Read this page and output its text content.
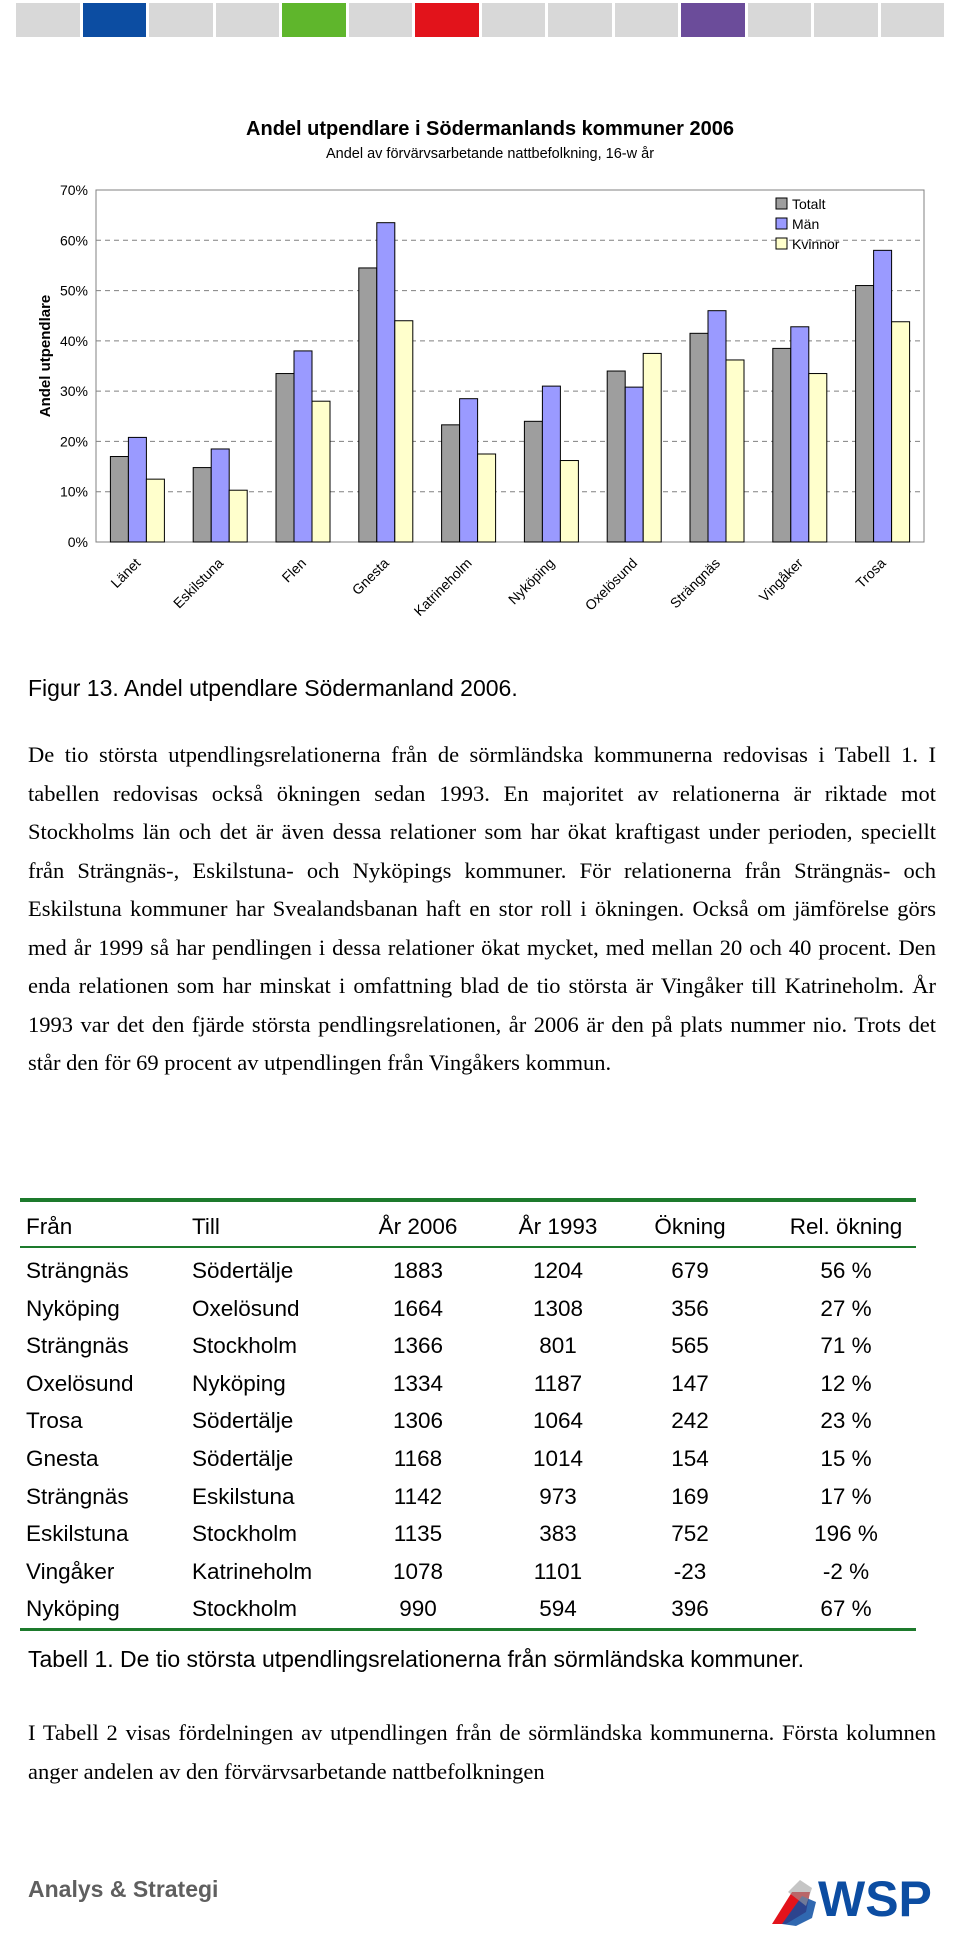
Andel utpendlare i Södermanlands kommuner 2006
Andel av förvärvsarbetande nattbefolkning, 16-w år
Andel utpendlare
0%
10%
20%
30%
40%
50%
60%
70%
Länet Eskilstuna	Flen	Gnesta Katrineholm Nyköping Oxelösund Strängnäs Vingåker	Trosa
Totalt
Män
Kvinnor
Figur 13. Andel utpendlare Södermanland 2006.
De tio största utpendlingsrelationerna från de sörmländska kommunerna redovisas i Tabell 1. I tabellen redovisas också ökningen sedan 1993. En majoritet av relationerna är riktade mot Stockholms län och det är även dessa relationer som har ökat kraftigast under perioden, speciellt från Strängnäs-, Eskilstuna- och Nyköpings kommuner. För relationerna från Strängnäs- och Eskilstuna kommuner har Svealandsbanan haft en stor roll i ökningen. Också om jämförelse görs med år 1999 så har pendlingen i dessa relationer ökat mycket, med mellan 20 och 40 procent. Den enda relationen som har minskat i omfattning blad de tio största är Vingåker till Katrineholm. År 1993 var det den fjärde största pendlingsrelationen, år 2006 är den på plats nummer nio. Trots det står den för 69 procent av utpendlingen från Vingåkers kommun.
Från	Till	År 2006	År 1993	Ökning	Rel. ökning
Strängnäs	Södertälje	1883	1204	679	56 %
Nyköping	Oxelösund	1664	1308	356	27 %
Strängnäs	Stockholm	1366	801	565	71 %
Oxelösund	Nyköping	1334	1187	147	12 %
Trosa	Södertälje	1306	1064	242	23 %
Gnesta	Södertälje	1168	1014	154	15 %
Strängnäs	Eskilstuna	1142	973	169	17 %
Eskilstuna	Stockholm	1135	383	752	196 %
Vingåker	Katrineholm	1078	1101	-23	-2 %
Nyköping	Stockholm	990	594	396	67 %
Tabell 1. De tio största utpendlingsrelationerna från sörmländska kommuner.
I Tabell 2 visas fördelningen av utpendlingen från de sörmländska kommunerna. Första kolumnen anger andelen av den förvärvsarbetande nattbefolkningen
Analys & Strategi	WSP
